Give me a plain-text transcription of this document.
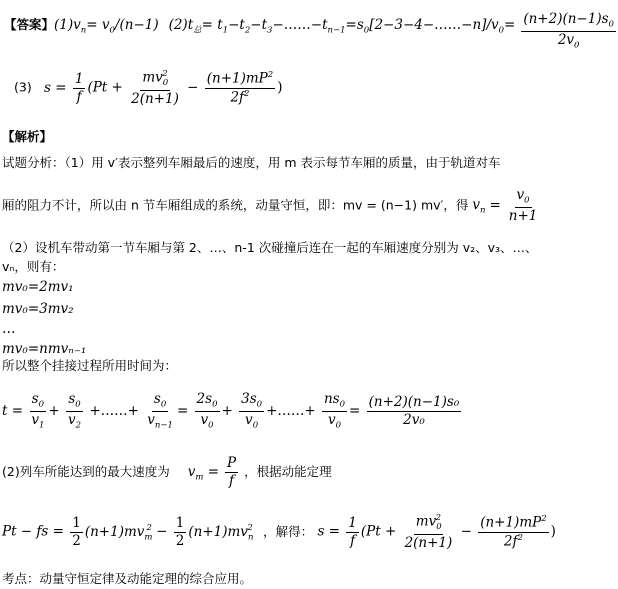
【答案】$(1)v_n= v_0/(n-1)$ $(2)t_总=$ $t_1-t_2-t_3-\dots\dots-t_{n-1}=s_0[2-3-4-\dots\dots-n]/v_0= \frac{(n+2)(n-1)s_0}{2v_0}$
(3) $s = \frac{1}{f} (Pt + \frac{mv_0^2}{2(n+1)} - \frac{(n+1)mP^2}{2f^2}$ )
【解析】
试题分析：（1）用 v′表示整列车厢最后的速度，用 m 表示每节车厢的质量，由于轨道对车
厢的阻力不计，所以由 n 节车厢组成的系统，动量守恒，即：mv = (n−1) mv′，得 $v_n = \frac{v_0}{n+1}$
（2）设机车带动第一节车厢与第 2、…、n-1 次碰撞后连在一起的车厢速度分别为 v₂、v₃、…、
vₙ，则有：
mv₀=2mv₁
mv₀=3mv₂
…
mv₀=nmvₙ₋₁
所以整个挂接过程所用时间为：
$t = \frac{s_0}{v_1} + \frac{s_0}{v_2}$ +……+ $\frac{s_0}{v_{n-1}} = \frac{2s_0}{v_0} + \frac{3s_0}{v_0}$ +……+ $\frac{ns_0}{v_0} = \frac{\text{(n+2)(n−1)s₀}}{\text{2v₀}}$
(2)列车所能达到的最大速度为 $v_m = \frac{P}{f}$ ，根据动能定理
Pt − fs = $\frac{1}{2} (n+1)mv_m^2 - \frac{1}{2} (n+1)mv_n^2$ ，解得： $s = \frac{1}{f} (Pt + \frac{mv_0^2}{2(n+1)} - \frac{(n+1)mP^2}{2f^2}$ )
考点：动量守恒定律及动能定理的综合应用。
